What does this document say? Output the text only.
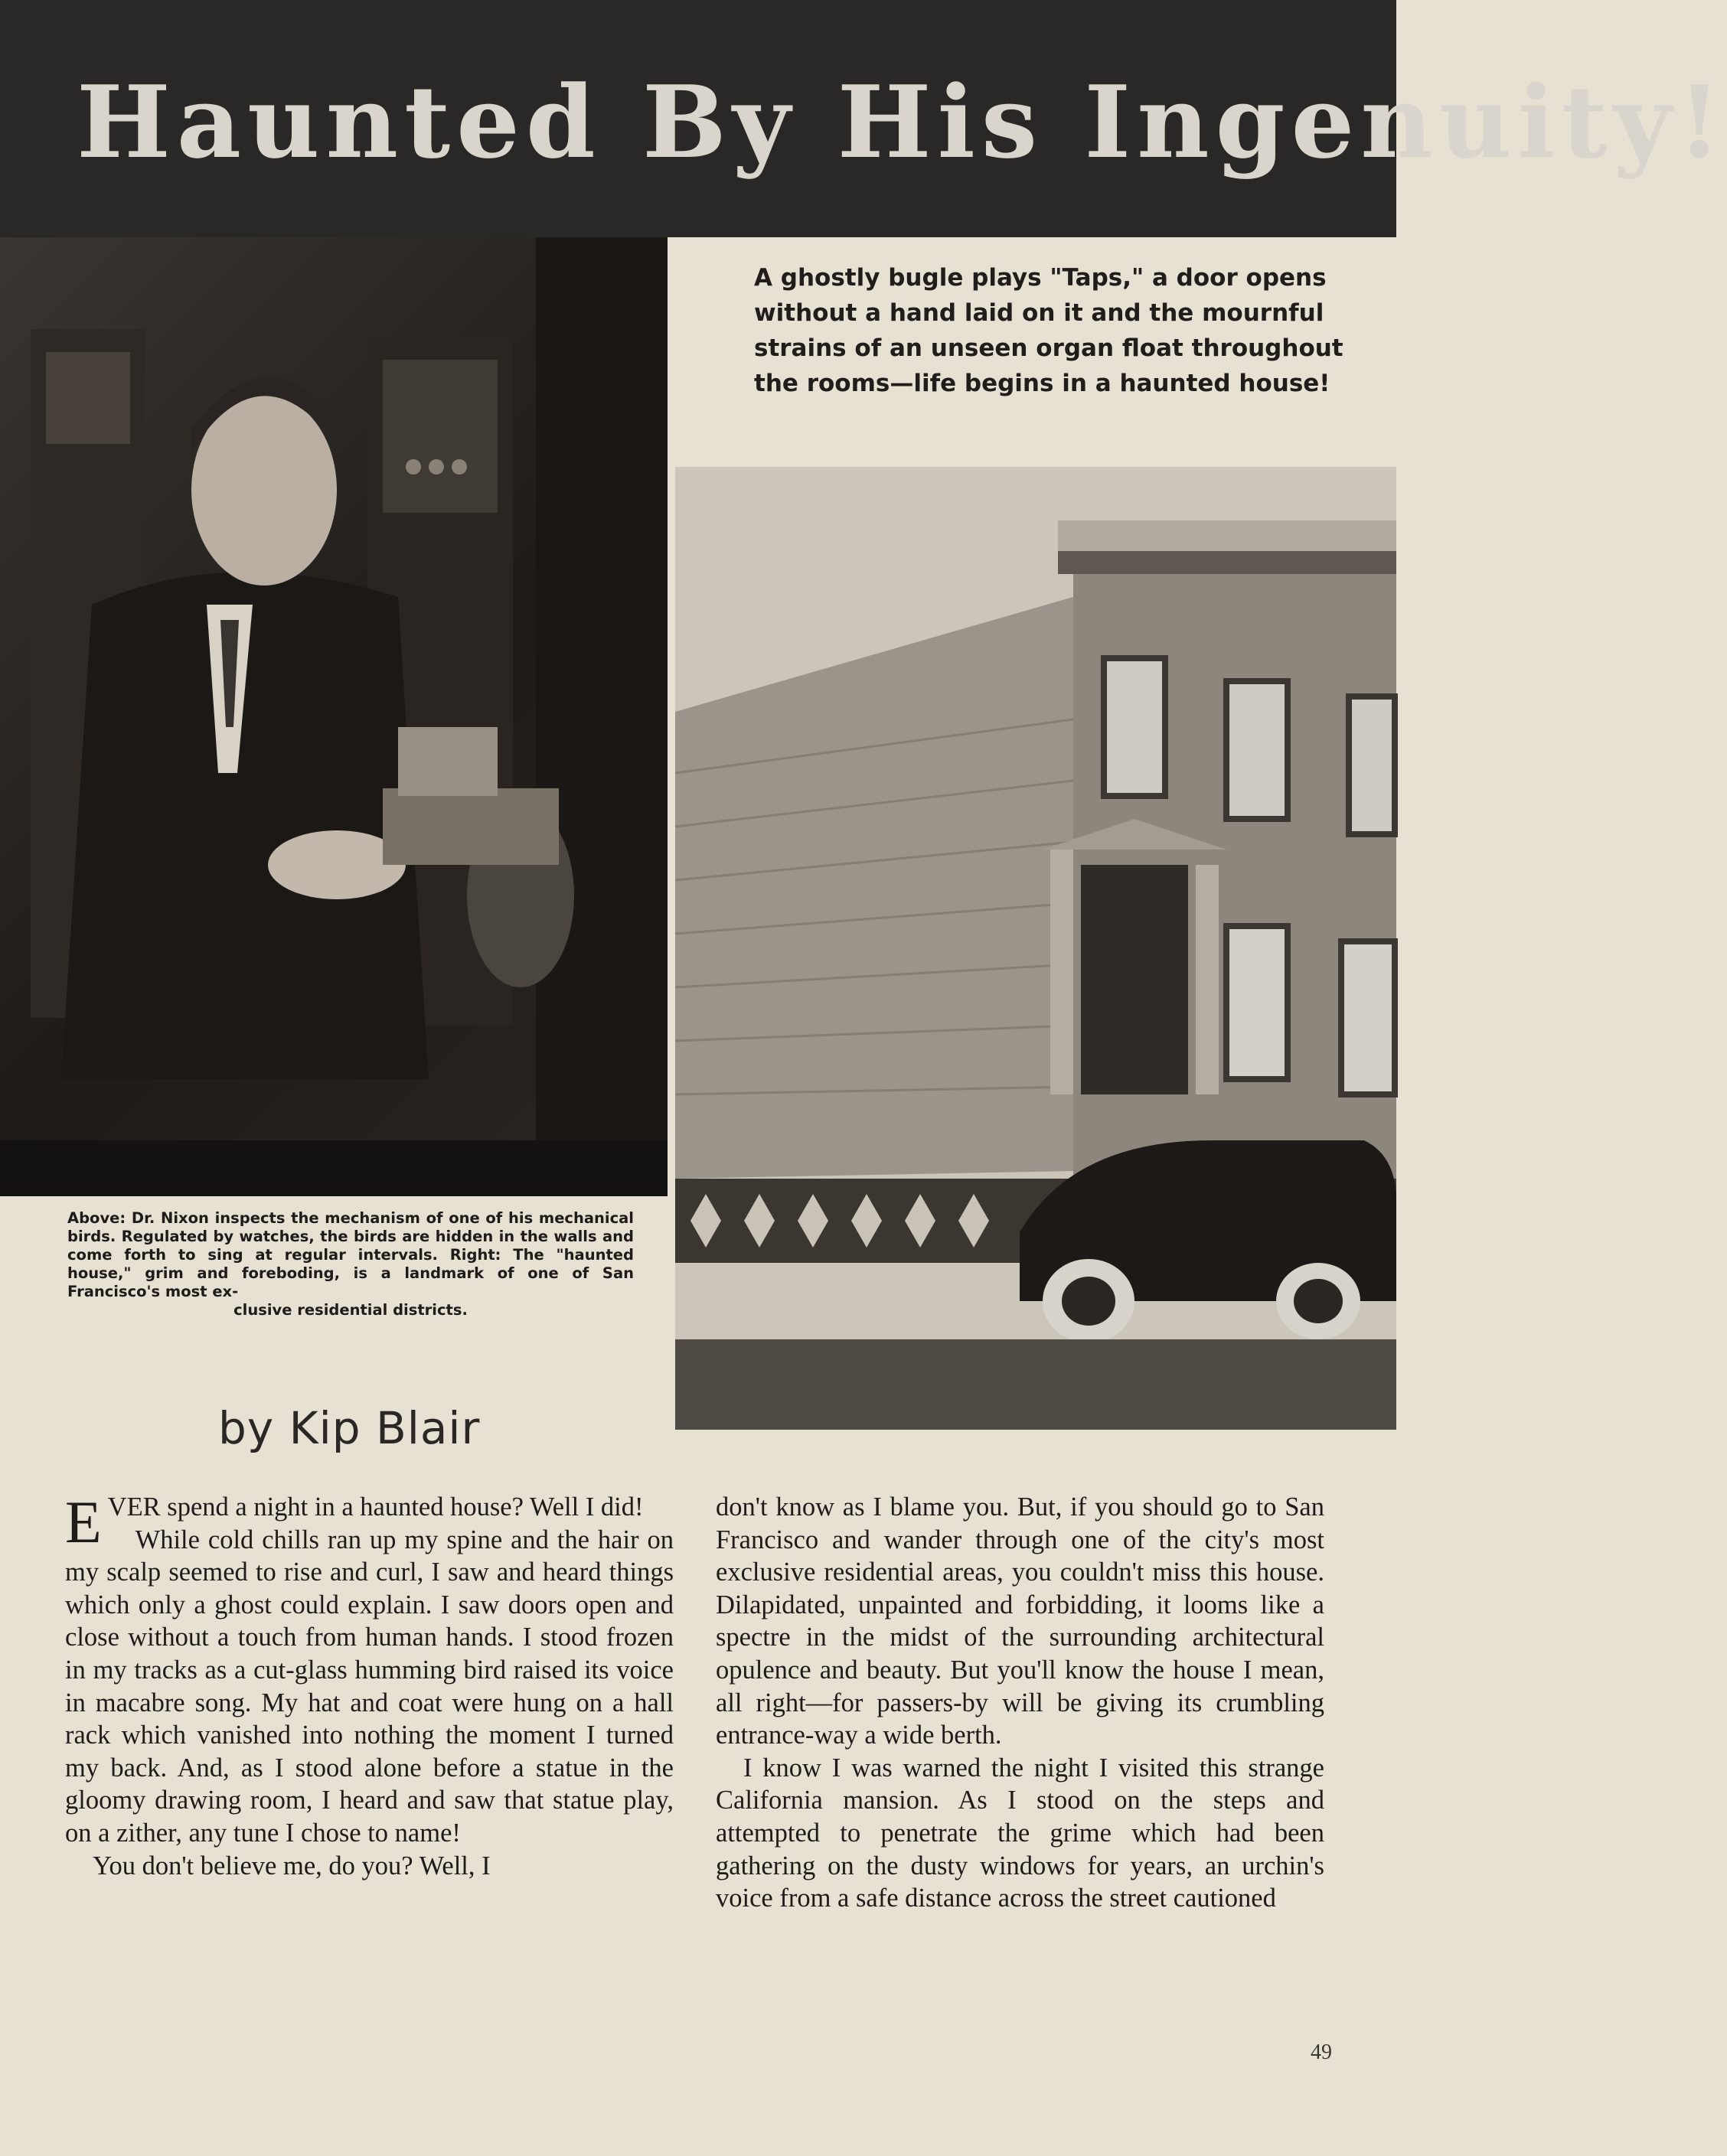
Haunted By His Ingenuity!
A ghostly bugle plays "Taps," a door opens without a hand laid on it and the mournful strains of an unseen organ float throughout the rooms—life begins in a haunted house!
Above: Dr. Nixon inspects the mechanism of one of his mechanical birds. Regulated by watches, the birds are hidden in the walls and come forth to sing at regular intervals. Right: The "haunted house," grim and foreboding, is a landmark of one of San Francisco's most ex-
clusive residential districts.
by Kip Blair

EVER spend a night in a haunted house? Well I did!

While cold chills ran up my spine and the hair on my scalp seemed to rise and curl, I saw and heard things which only a ghost could explain. I saw doors open and close without a touch from human hands. I stood frozen in my tracks as a cut-glass humming bird raised its voice in macabre song. My hat and coat were hung on a hall rack which vanished into nothing the moment I turned my back. And, as I stood alone before a statue in the gloomy drawing room, I heard and saw that statue play, on a zither, any tune I chose to name!

You don't believe me, do you? Well, I

don't know as I blame you. But, if you should go to San Francisco and wander through one of the city's most exclusive residential areas, you couldn't miss this house. Dilapidated, unpainted and forbidding, it looms like a spectre in the midst of the surrounding architectural opulence and beauty. But you'll know the house I mean, all right—for passers-by will be giving its crumbling entrance-way a wide berth.

I know I was warned the night I visited this strange California mansion. As I stood on the steps and attempted to penetrate the grime which had been gathering on the dusty windows for years, an urchin's voice from a safe distance across the street cautioned

49
